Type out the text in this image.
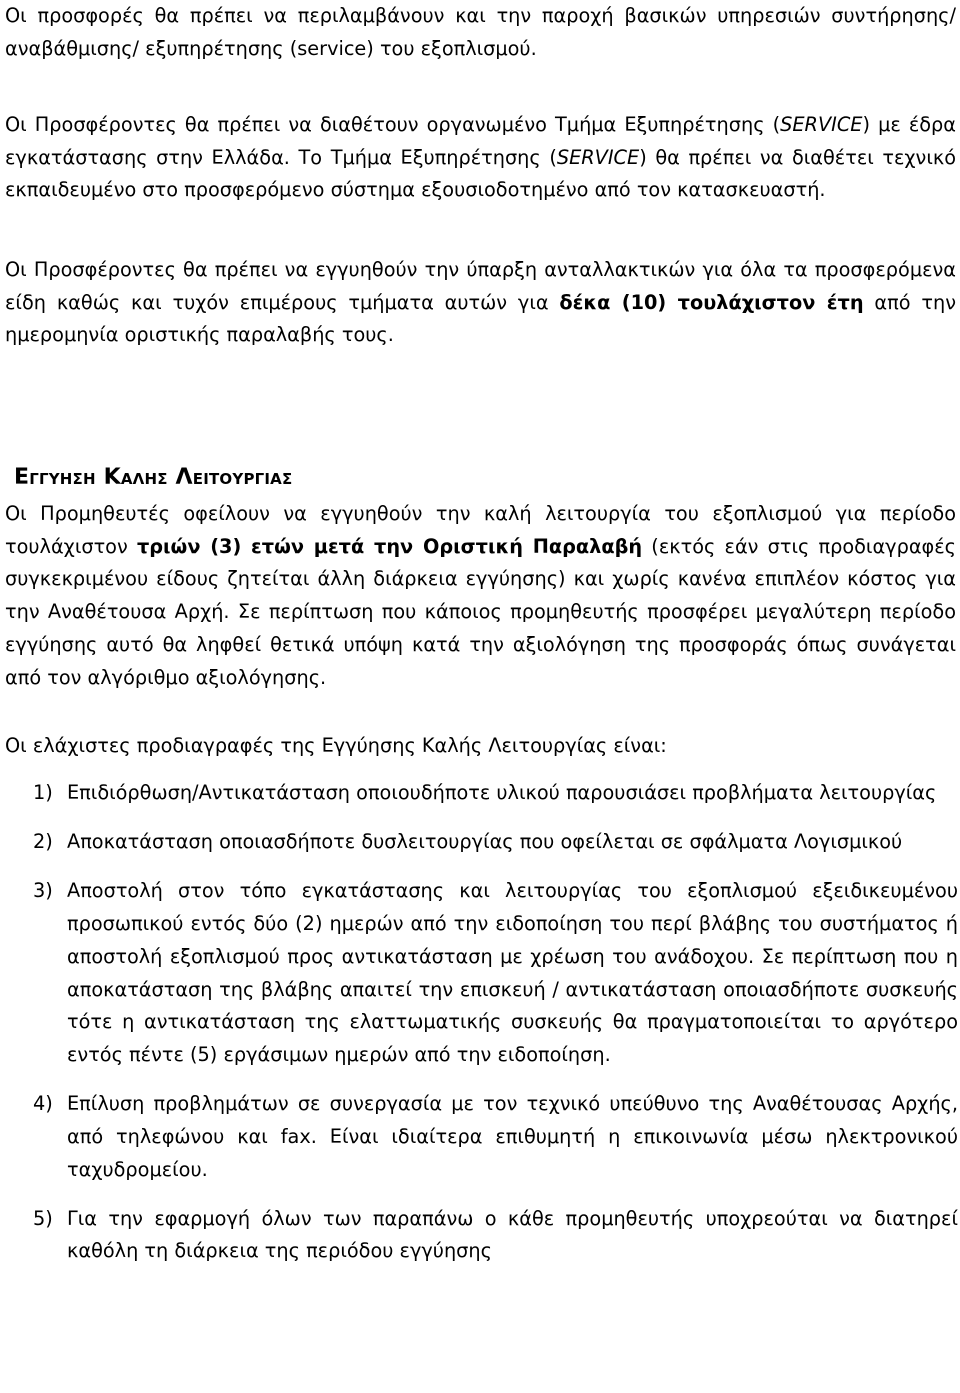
Οι προσφορές θα πρέπει να περιλαμβάνουν και την παροχή βασικών υπηρεσιών συντήρησης/αναβάθμισης/ εξυπηρέτησης (service) του εξοπλισμού.

Οι Προσφέροντες θα πρέπει να διαθέτουν οργανωμένο Τμήμα Εξυπηρέτησης (SERVICE) με έδρα εγκατάστασης στην Ελλάδα. Το Τμήμα Εξυπηρέτησης (SERVICE) θα πρέπει να διαθέτει τεχνικό εκπαιδευμένο στο προσφερόμενο σύστημα εξουσιοδοτημένο από τον κατασκευαστή.

Οι Προσφέροντες θα πρέπει να εγγυηθούν την ύπαρξη ανταλλακτικών για όλα τα προσφερόμενα είδη καθώς και τυχόν επιμέρους τμήματα αυτών για δέκα (10) τουλάχιστον έτη από την ημερομηνία οριστικής παραλαβής τους.

Εγγυηση Καλης Λειτουργιας

Οι Προμηθευτές οφείλουν να εγγυηθούν την καλή λειτουργία του εξοπλισμού για περίοδο τουλάχιστον τριών (3) ετών μετά την Οριστική Παραλαβή (εκτός εάν στις προδιαγραφές συγκεκριμένου είδους ζητείται άλλη διάρκεια εγγύησης) και χωρίς κανένα επιπλέον κόστος για την Αναθέτουσα Αρχή. Σε περίπτωση που κάποιος προμηθευτής προσφέρει μεγαλύτερη περίοδο εγγύησης αυτό θα ληφθεί θετικά υπόψη κατά την αξιολόγηση της προσφοράς όπως συνάγεται από τον αλγόριθμο αξιολόγησης.

Οι ελάχιστες προδιαγραφές της Εγγύησης Καλής Λειτουργίας είναι:

1) Επιδιόρθωση/Αντικατάσταση οποιουδήποτε υλικού παρουσιάσει προβλήματα λειτουργίας
2) Αποκατάσταση οποιασδήποτε δυσλειτουργίας που οφείλεται σε σφάλματα Λογισμικού
3) Αποστολή στον τόπο εγκατάστασης και λειτουργίας του εξοπλισμού εξειδικευμένου προσωπικού εντός δύο (2) ημερών από την ειδοποίηση του περί βλάβης του συστήματος ή αποστολή εξοπλισμού προς αντικατάσταση με χρέωση του ανάδοχου. Σε περίπτωση που η αποκατάσταση της βλάβης απαιτεί την επισκευή / αντικατάσταση οποιασδήποτε συσκευής τότε η αντικατάσταση της ελαττωματικής συσκευής θα πραγματοποιείται το αργότερο εντός πέντε (5) εργάσιμων ημερών από την ειδοποίηση.
4) Επίλυση προβλημάτων σε συνεργασία με τον τεχνικό υπεύθυνο της Αναθέτουσας Αρχής, από τηλεφώνου και fax. Είναι ιδιαίτερα επιθυμητή η επικοινωνία μέσω ηλεκτρονικού ταχυδρομείου.
5) Για την εφαρμογή όλων των παραπάνω ο κάθε προμηθευτής υποχρεούται να διατηρεί καθόλη τη διάρκεια της περιόδου εγγύησης
